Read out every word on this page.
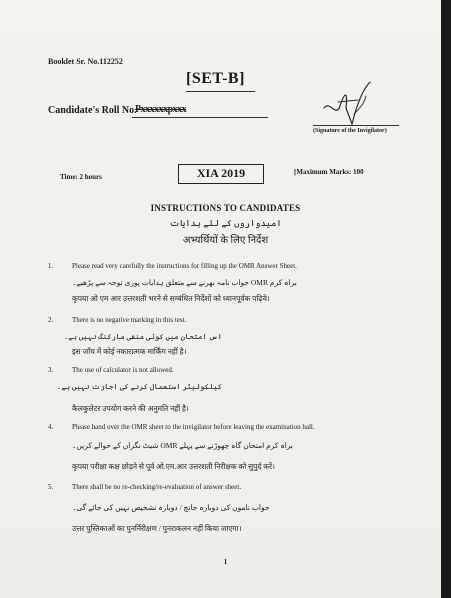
Booklet Sr. No.112252
[SET-B]
Candidate's Roll No.
Pxxxxxxpxxx
(Signature of the Invigilator)
Time: 2 hours	XIA 2019	[Maximum Marks: 100
INSTRUCTIONS TO CANDIDATES
امیدواروں کے لئے ہدایات
अभ्यर्थियों के लिए निर्देश
1.	Please read very carefully the instructions for filling up the OMR Answer Sheet.
براہ کرم OMR جواب نامہ بھرنے سے متعلق ہدایات پوری توجہ سے پڑھیے۔
कृपया ओ एम आर उत्तरशती भरने से सम्बंधित निर्देशों को ध्यानपूर्वक पढ़िये।
2.	There is no negative marking in this test.
اس امتحان میں کوئی منفی مارکنگ نہیں ہے۔
इस जाँच में कोई नकारात्मक मार्किंग नहीं है।
3.	The use of calculator is not allowed.
کیلکولیٹر استعمال کرنے کی اجازت نہیں ہے۔
कैलकुलेटर उपयोग करने की अनुमति नहीं है।
4.	Please hand over the OMR sheet to the invigilator before leaving the examination hall.
براہ کرم امتحان گاہ چھوڑنے سے پہلے OMR شیٹ نگراں کے حوالے کریں۔
कृपया परीक्षा कक्ष छोड़ने से पूर्व ओ.एम.आर उत्तरशती निरीक्षक को सुपुर्द करें।
5.	There shall be no re-checking/re-evaluation of answer sheet.
جواب ناموں کی دوبارہ جانچ / دوبارہ تشخیص نہیں کی جائے گی۔
उत्तर पुस्तिकाओं का पुनर्निरीक्षण / पुनराकलन नहीं किया जाएगा।
1
